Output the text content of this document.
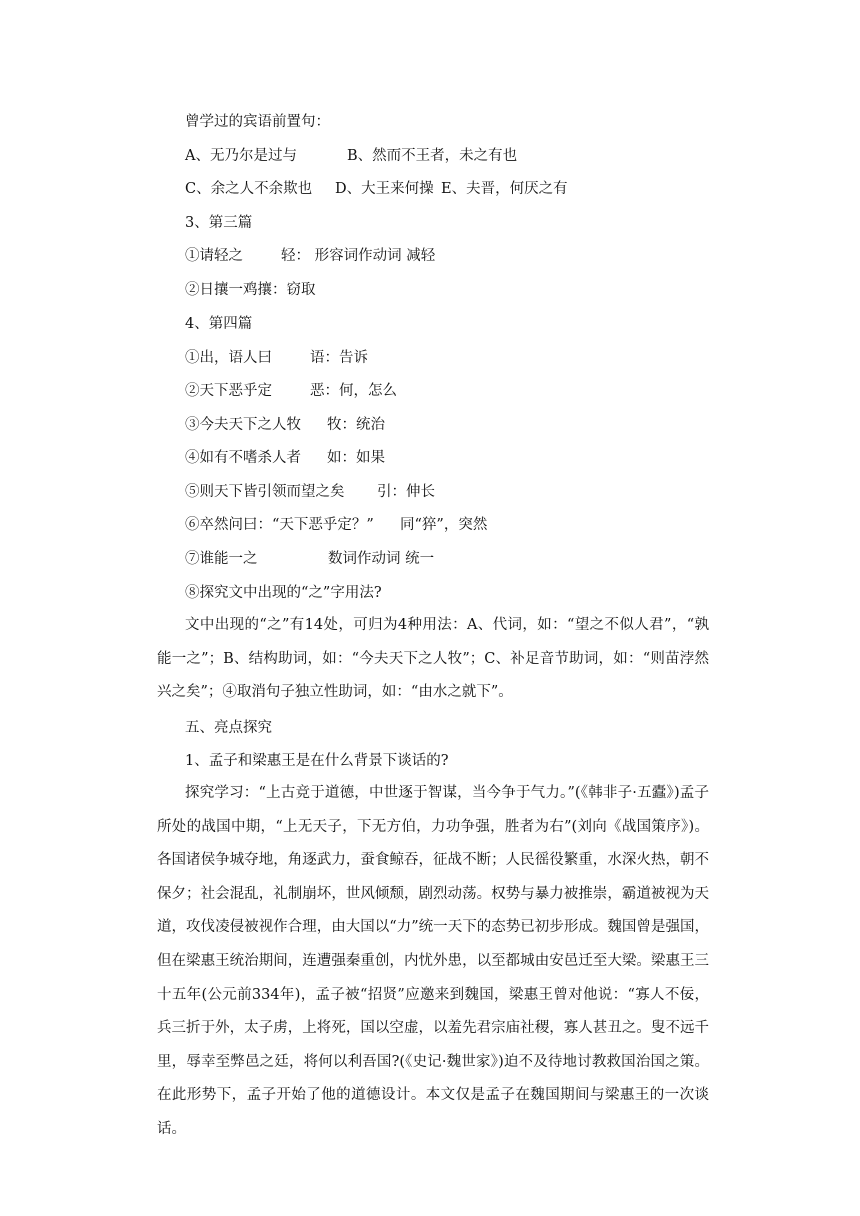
曾学过的宾语前置句：
A、无乃尔是过与	B、然而不王者，未之有也
C、余之人不余欺也 D、大王来何操 E、夫晋，何厌之有
3、第三篇
①请轻之	轻： 形容词作动词 减轻
②日攘一鸡攘：窃取
4、第四篇
①出，语人曰	语：告诉
②天下恶乎定	恶：何，怎么
③今夫天下之人牧 牧：统治
④如有不嗜杀人者 如：如果
⑤则天下皆引领而望之矣 引：伸长
⑥卒然问曰：“天下恶乎定？” 同“猝”，突然
⑦谁能一之	数词作动词 统一
⑧探究文中出现的“之”字用法?
文中出现的“之”有14处，可归为4种用法：A、代词，如：“望之不似人君”，“孰能一之”；B、结构助词，如：“今夫天下之人牧”；C、补足音节助词，如：“则苗浡然兴之矣”；④取消句子独立性助词，如：“由水之就下”。
五、亮点探究
1、孟子和梁惠王是在什么背景下谈话的?
探究学习：“上古竞于道德，中世逐于智谋，当今争于气力。”(《韩非子·五蠹》)孟子所处的战国中期，“上无天子，下无方伯，力功争强，胜者为右”(刘向《战国策序》)。各国诸侯争城夺地，角逐武力，蚕食鲸吞，征战不断；人民徭役繁重，水深火热，朝不保夕；社会混乱，礼制崩坏，世风倾颓，剧烈动荡。权势与暴力被推崇，霸道被视为天道，攻伐凌侵被视作合理，由大国以“力”统一天下的态势已初步形成。魏国曾是强国，但在梁惠王统治期间，连遭强秦重创，内忧外患，以至都城由安邑迁至大梁。梁惠王三十五年(公元前334年)，孟子被“招贤”应邀来到魏国，梁惠王曾对他说：“寡人不佞，兵三折于外，太子虏，上将死，国以空虚，以羞先君宗庙社稷，寡人甚丑之。叟不远千里，辱幸至弊邑之廷，将何以利吾国?(《史记·魏世家》)迫不及待地讨教救国治国之策。在此形势下，孟子开始了他的道德设计。本文仅是孟子在魏国期间与梁惠王的一次谈话。
